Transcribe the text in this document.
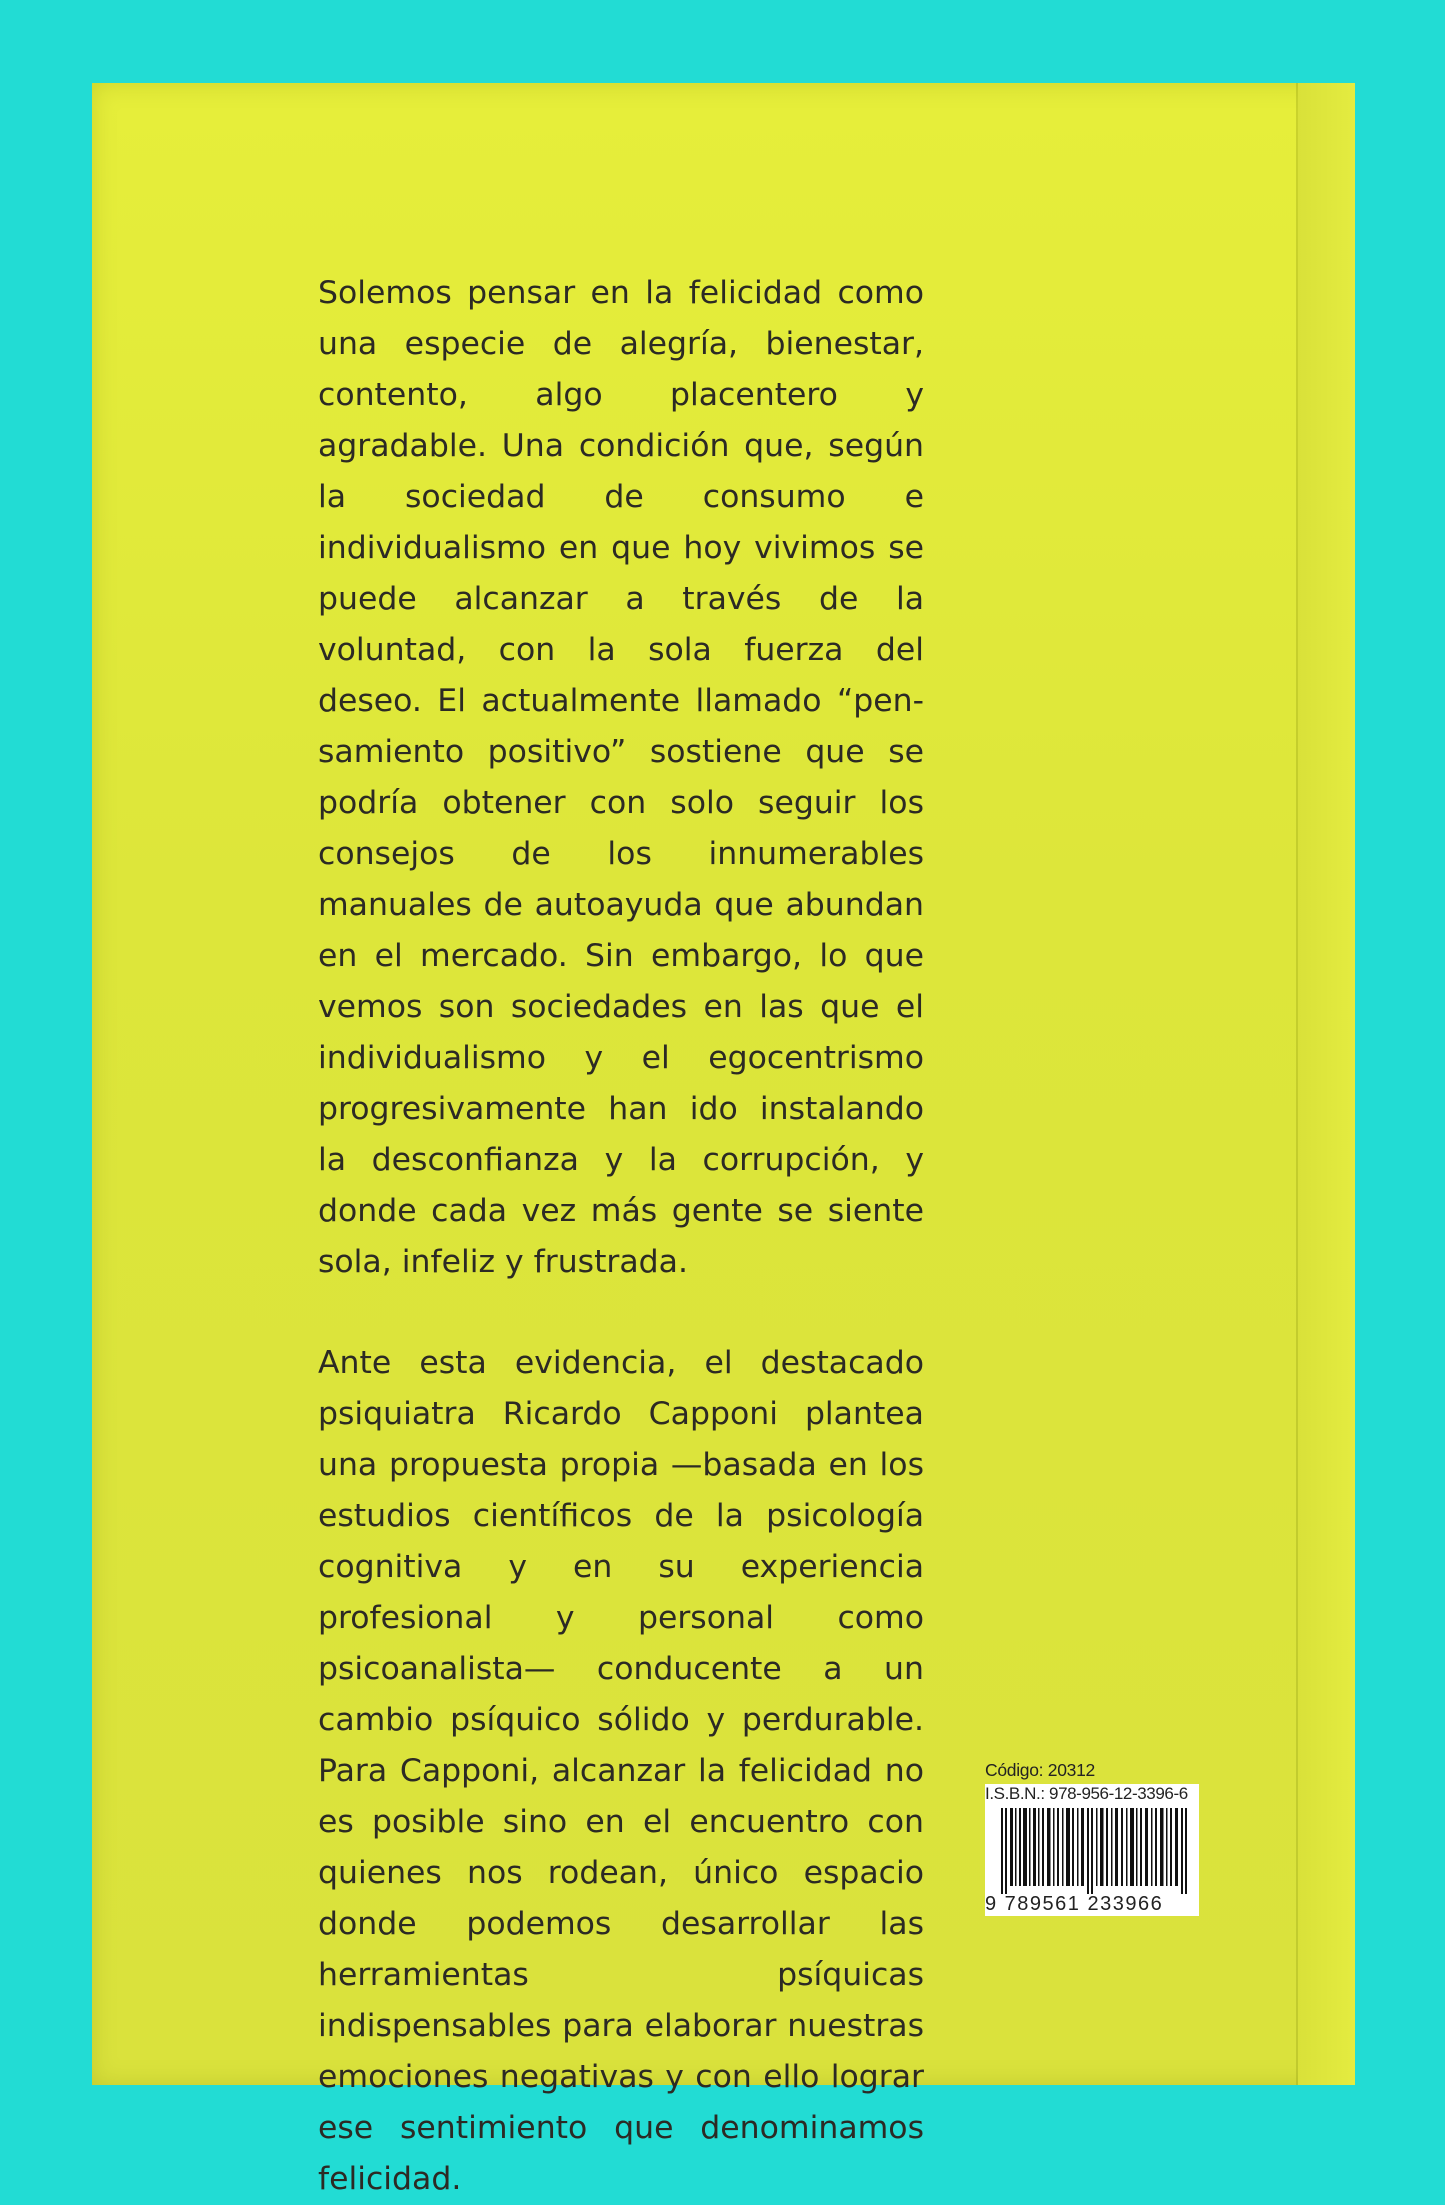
Solemos pensar en la felicidad como una especie de alegría, bienestar, contento, algo placentero y agradable. Una condición que, según la sociedad de consumo e individualismo en que hoy vivimos se puede alcanzar a través de la voluntad, con la sola fuerza del deseo. El actualmente llamado “pensamiento positivo” sostiene que se podría obtener con solo seguir los consejos de los innumerables manuales de autoayuda que abundan en el mercado. Sin embargo, lo que vemos son sociedades en las que el individualismo y el egocentrismo progresivamente han ido instalando la desconfianza y la corrupción, y donde cada vez más gente se siente sola, infeliz y frustrada.

Ante esta evidencia, el destacado psiquiatra Ricardo Capponi plantea una propuesta propia —basada en los estudios científicos de la psicología cognitiva y en su experiencia profesional y personal como psicoanalista— conducente a un cambio psíquico sólido y perdurable. Para Capponi, alcanzar la felicidad no es posible sino en el encuentro con quienes nos rodean, único espacio donde podemos desarrollar las herramientas psíquicas indispensables para elaborar nuestras emociones negativas y con ello lograr ese sentimiento que denominamos felicidad.

Código: 20312
I.S.B.N.: 978-956-12-3396-6
9 789561 233966
